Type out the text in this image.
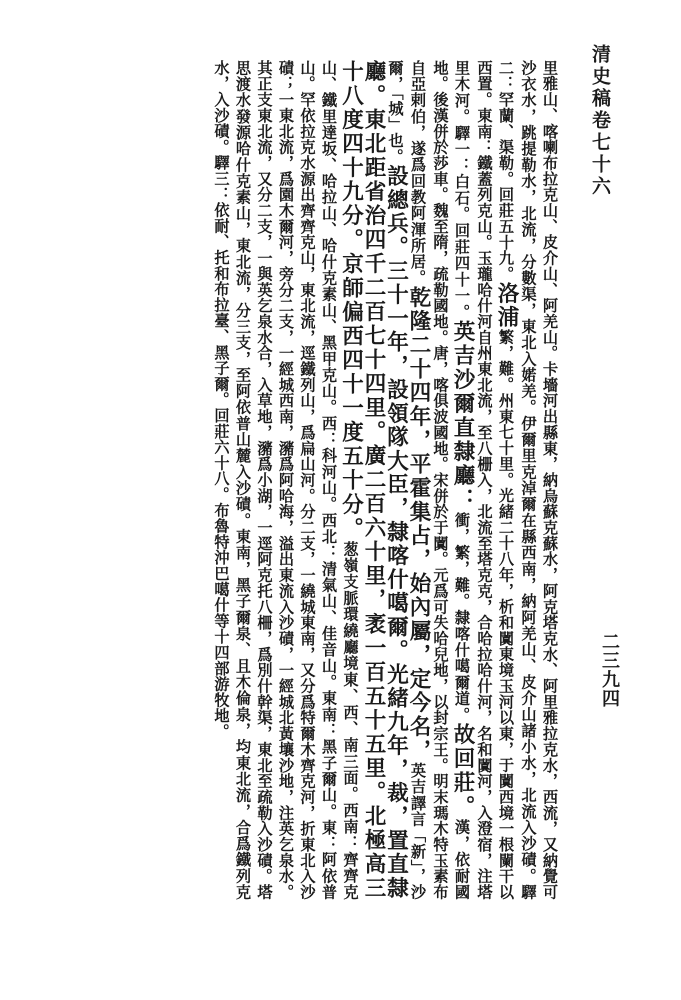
清史稿卷七十六
二三九四
里雅山、喀喇布拉克山、皮介山、阿羌山。卡墻河出縣東，納烏蘇克蘇水，阿克塔克水、阿里雅拉克水，西流，又納覺可沙衣水，跳提勒水，北流，分數渠，東北入婼羌。伊爾里克淖爾在縣西南，納阿羌山、皮介山諸小水，北流入沙磧。驛二：罕蘭、渠勒。回莊五十九。洛浦繁，難。州東七十里。光緒二十八年，析和闐東境玉河以東，于闐西境一根闌干以西置。東南：鐵蓋列克山。玉瓏哈什河自州東北流，至八栅入，北流至塔克克，合哈拉哈什河，名和闐河，入澄宿，注塔里木河。驛一：白石。回莊四十一。英吉沙爾直隸廳：衝，繁，難。隸喀什噶爾道。故回莊。漢，依耐國地。後漢併於莎車。魏至隋，疏勒國地。唐，喀俱波國地。宋併於于闐。元爲可失哈兒地，以封宗王。明末瑪木特玉素布自亞剌伯，遂爲回教阿渾所居。乾隆二十四年，平霍集占，始內屬，定今名，英吉譯言「新」，沙爾，「城」也。設總兵。三十一年，設領隊大臣，隸喀什噶爾。光緒九年，裁，置直隸廳。東北距省治四千二百七十四里。廣二百六十里，袤一百五十五里。北極高三十八度四十九分。京師偏西四十一度五十分。葱嶺支脈環繞廳境東、西、南三面。西南：齊齊克山、鐵里達坂、哈拉山、哈什克素山、黑甲克山。西：科河山。西北：清氣山、佳音山。東南：黑子爾山。東：阿依普山。罕依拉克水源出齊齊克山，東北流，逕鐵列山，爲扁山河。分二支，一繞城東南，又分爲特爾木齊克河，折東北入沙磧；一東北流，爲園木爾河，旁分二支，一經城西南，瀦爲阿哈海，溢出東流入沙磧，一經城北黃壤沙地，注英乞泉水。其正支東北流，又分二支，一與英乞泉水合，入草地，瀦爲小湖，一逕阿克托八柵，爲別什幹渠，東北至疏勒入沙磧。塔思渡水發源哈什克素山，東北流，分三支，至阿依普山麓入沙磧。東南，黑子爾泉、且木倫泉，均東北流，合爲鐵列克水，入沙磧。驛三：依耐、托和布拉臺、黑子爾。回莊六十八。布魯特沖巴噶什等十四部游牧地。
